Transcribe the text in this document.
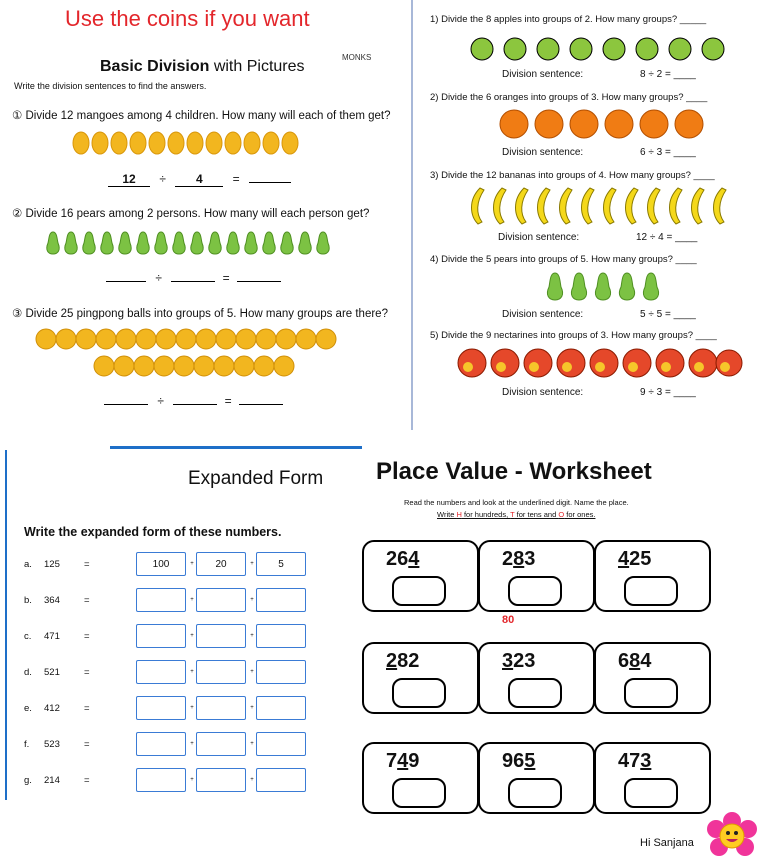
Use the coins if you want
MONKS
Basic Division with Pictures
Write the division sentences to find the answers.
① Divide 12 mangoes among 4 children. How many will each of them get?
12 ÷	4	=
② Divide 16 pears among 2 persons. How many will each person get?
÷	=
③ Divide 25 pingpong balls into groups of 5. How many groups are there?
÷	=
1) Divide the 8 apples into groups of 2. How many groups? _____
Division sentence:	8 ÷ 2 = ____
2) Divide the 6 oranges into groups of 3. How many groups? ____
Division sentence:	6 ÷ 3 = ____
3) Divide the 12 bananas into groups of 4. How many groups? ____
Division sentence:	12 ÷ 4 = ____
4) Divide the 5 pears into groups of 5. How many groups? ____
Division sentence:	5 ÷ 5 = ____
5) Divide the 9 nectarines into groups of 3. How many groups? ____
Division sentence:	9 ÷ 3 = ____
Expanded Form
Write the expanded form of these numbers.
a.	125	=	100	+	20	+	5
b.	364	=	+	+
c.	471	=	+	+
d.	521	=	+	+
e.	412	=	+	+
f.	523	=	+	+
g.	214	=	+	+
Place Value - Worksheet
Read the numbers and look at the underlined digit. Name the place.
Write H for hundreds, T for tens and O for ones.
264	283	425
80
282	323	684
749	965	473
Hi Sanjana
